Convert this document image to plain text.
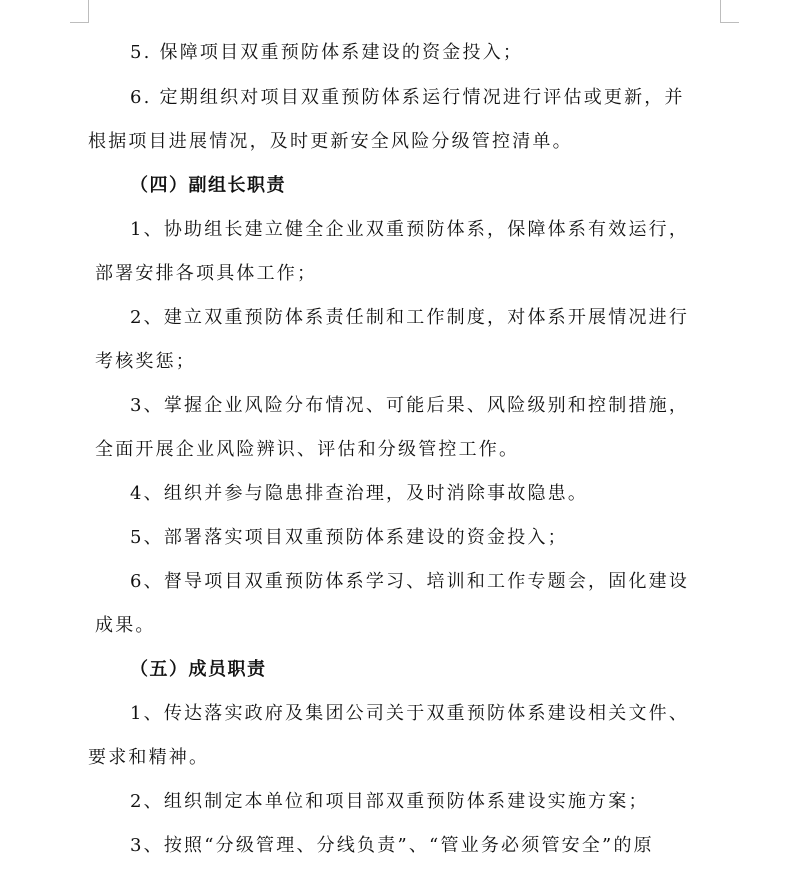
5. 保障项目双重预防体系建设的资金投入；
6. 定期组织对项目双重预防体系运行情况进行评估或更新，并
根据项目进展情况，及时更新安全风险分级管控清单。
（四）副组长职责
1、协助组长建立健全企业双重预防体系，保障体系有效运行，
部署安排各项具体工作；
2、建立双重预防体系责任制和工作制度，对体系开展情况进行
考核奖惩；
3、掌握企业风险分布情况、可能后果、风险级别和控制措施，
全面开展企业风险辨识、评估和分级管控工作。
4、组织并参与隐患排查治理，及时消除事故隐患。
5、部署落实项目双重预防体系建设的资金投入；
6、督导项目双重预防体系学习、培训和工作专题会，固化建设
成果。
（五）成员职责
1、传达落实政府及集团公司关于双重预防体系建设相关文件、
要求和精神。
2、组织制定本单位和项目部双重预防体系建设实施方案；
3、按照“分级管理、分线负责”、“管业务必须管安全”的原
